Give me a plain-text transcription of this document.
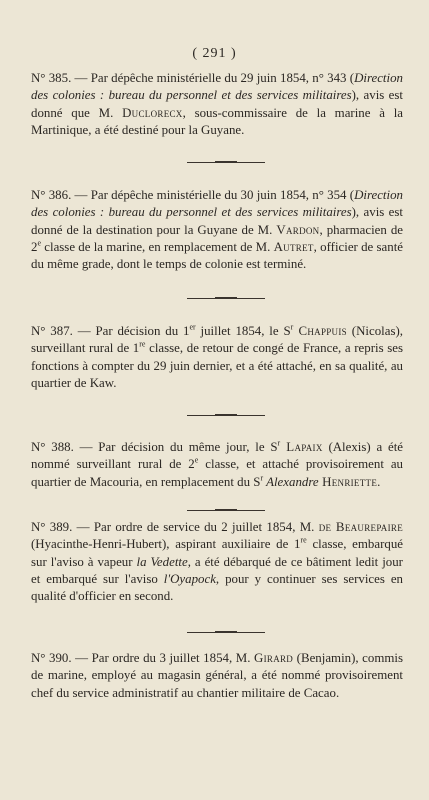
( 291 )

N° 385. — Par dépêche ministérielle du 29 juin 1854, n° 343 (Direction des colonies : bureau du personnel et des services militaires), avis est donné que M. Duclorecx, sous-commissaire de la marine à la Martinique, a été destiné pour la Guyane.

N° 386. — Par dépêche ministérielle du 30 juin 1854, n° 354 (Direction des colonies : bureau du personnel et des services militaires), avis est donné de la destination pour la Guyane de M. Vardon, pharmacien de 2e classe de la marine, en remplacement de M. Autret, officier de santé du même grade, dont le temps de colonie est terminé.

N° 387. — Par décision du 1er juillet 1854, le $S^r$ Chappuis (Nicolas), surveillant rural de 1re classe, de retour de congé de France, a repris ses fonctions à compter du 29 juin dernier, et a été attaché, en sa qualité, au quartier de Kaw.

N° 388. — Par décision du même jour, le $S^r$ Lapaix (Alexis) a été nommé surveillant rural de 2e classe, et attaché provisoirement au quartier de Macouria, en remplacement du $S^r$ Alexandre Henriette.

N° 389. — Par ordre de service du 2 juillet 1854, M. de Beaurepaire (Hyacinthe-Henri-Hubert), aspirant auxiliaire de 1re classe, embarqué sur l'aviso à vapeur la Vedette, a été débarqué de ce bâtiment ledit jour et embarqué sur l'aviso l'Oyapock, pour y continuer ses services en qualité d'officier en second.

N° 390. — Par ordre du 3 juillet 1854, M. Girard (Benjamin), commis de marine, employé au magasin général, a été nommé provisoirement chef du service administratif au chantier militaire de Cacao.
